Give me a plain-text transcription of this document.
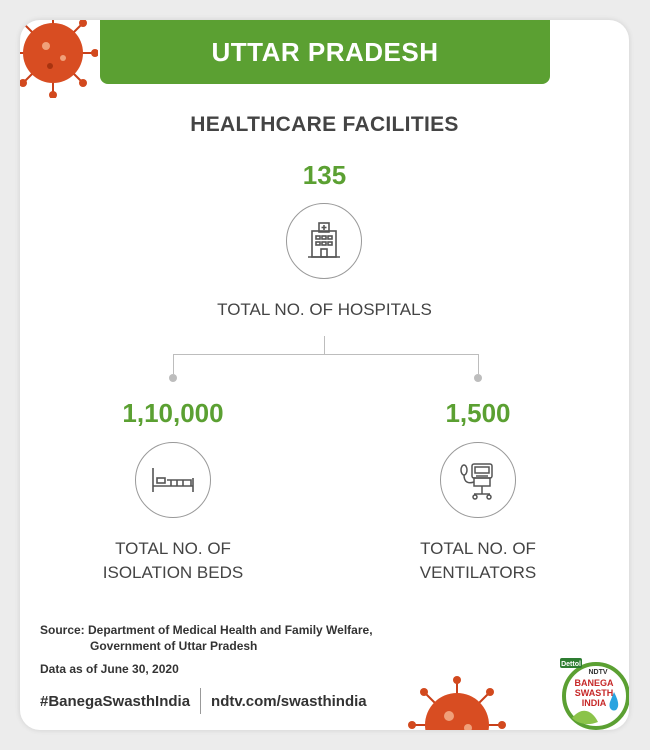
UTTAR PRADESH
HEALTHCARE FACILITIES
135
TOTAL NO. OF HOSPITALS
1,10,000
TOTAL NO. OF
ISOLATION BEDS
1,500
TOTAL NO. OF
VENTILATORS
Source: Department of Medical Health and Family Welfare,
Government of Uttar Pradesh
Data as of June 30, 2020
#BanegaSwasthIndia ndtv.com/swasthindia
Dettol
NDTV
BANEGA
SWASTH
INDIA
